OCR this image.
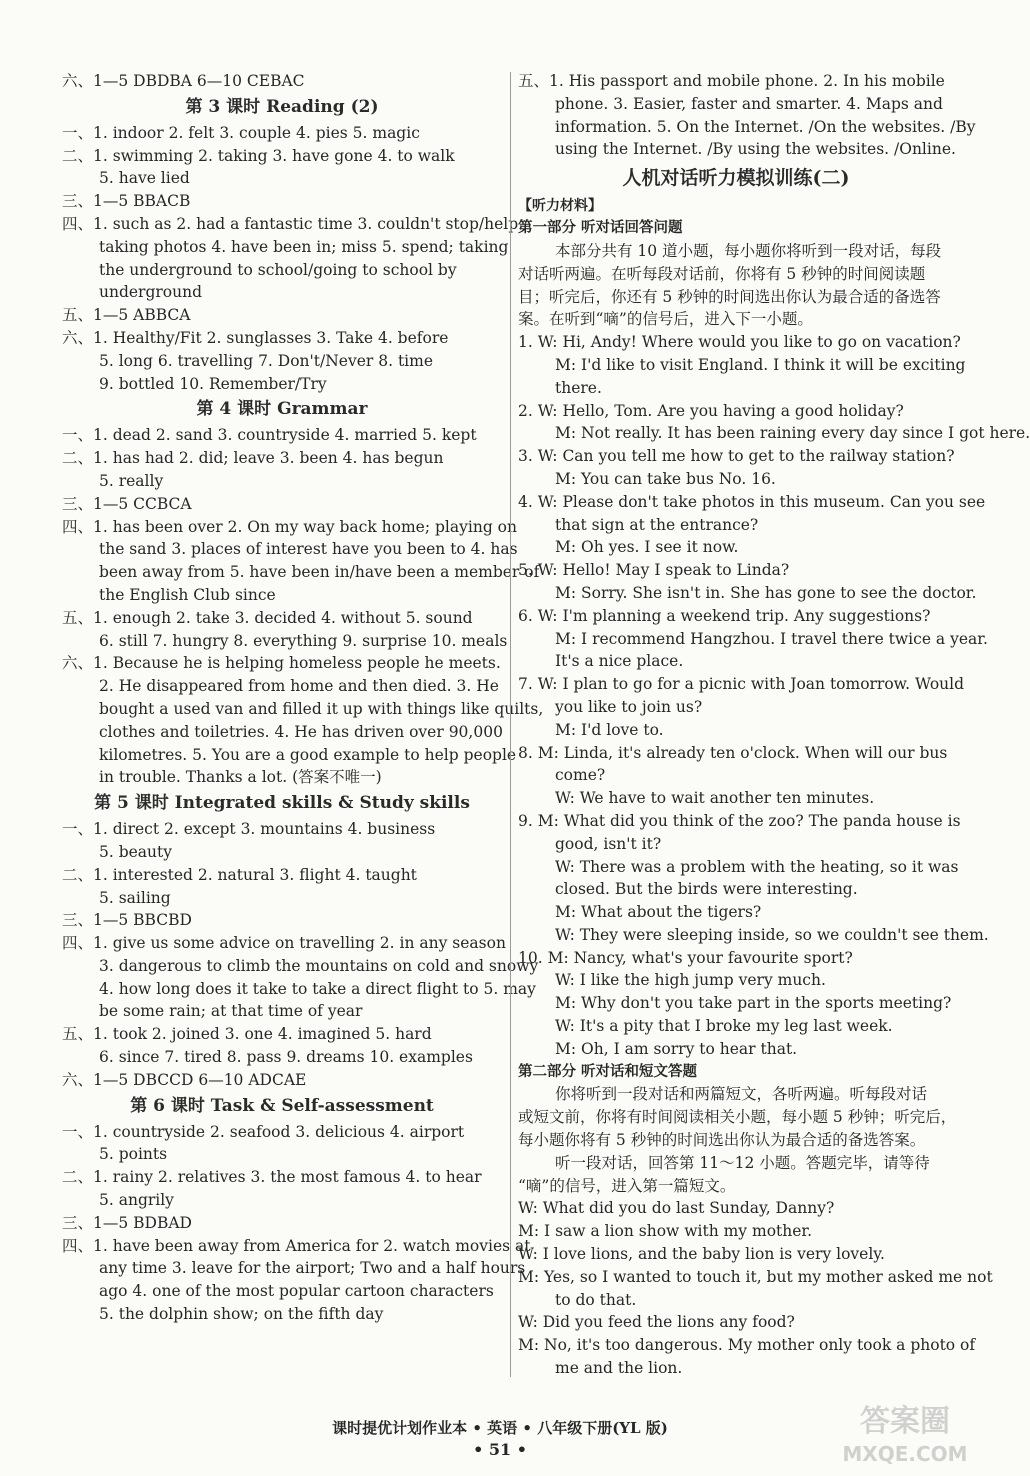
六、1—5 DBDBA 6—10 CEBAC
第 3 课时 Reading (2)
一、1. indoor 2. felt 3. couple 4. pies 5. magic
二、1. swimming 2. taking 3. have gone 4. to walk
5. have lied
三、1—5 BBACB
四、1. such as 2. had a fantastic time 3. couldn't stop/help
taking photos 4. have been in; miss 5. spend; taking
the underground to school/going to school by
underground
五、1—5 ABBCA
六、1. Healthy/Fit 2. sunglasses 3. Take 4. before
5. long 6. travelling 7. Don't/Never 8. time
9. bottled 10. Remember/Try
第 4 课时 Grammar
一、1. dead 2. sand 3. countryside 4. married 5. kept
二、1. has had 2. did; leave 3. been 4. has begun
5. really
三、1—5 CCBCA
四、1. has been over 2. On my way back home; playing on
the sand 3. places of interest have you been to 4. has
been away from 5. have been in/have been a member of
the English Club since
五、1. enough 2. take 3. decided 4. without 5. sound
6. still 7. hungry 8. everything 9. surprise 10. meals
六、1. Because he is helping homeless people he meets.
2. He disappeared from home and then died. 3. He
bought a used van and filled it up with things like quilts,
clothes and toiletries. 4. He has driven over 90,000
kilometres. 5. You are a good example to help people
in trouble. Thanks a lot. (答案不唯一)
第 5 课时 Integrated skills & Study skills
一、1. direct 2. except 3. mountains 4. business
5. beauty
二、1. interested 2. natural 3. flight 4. taught
5. sailing
三、1—5 BBCBD
四、1. give us some advice on travelling 2. in any season
3. dangerous to climb the mountains on cold and snowy
4. how long does it take to take a direct flight to 5. may
be some rain; at that time of year
五、1. took 2. joined 3. one 4. imagined 5. hard
6. since 7. tired 8. pass 9. dreams 10. examples
六、1—5 DBCCD 6—10 ADCAE
第 6 课时 Task & Self-assessment
一、1. countryside 2. seafood 3. delicious 4. airport
5. points
二、1. rainy 2. relatives 3. the most famous 4. to hear
5. angrily
三、1—5 BDBAD
四、1. have been away from America for 2. watch movies at
any time 3. leave for the airport; Two and a half hours
ago 4. one of the most popular cartoon characters
5. the dolphin show; on the fifth day
五、1. His passport and mobile phone. 2. In his mobile
phone. 3. Easier, faster and smarter. 4. Maps and
information. 5. On the Internet. /On the websites. /By
using the Internet. /By using the websites. /Online.
人机对话听力模拟训练(二)
【听力材料】
第一部分 听对话回答问题
本部分共有 10 道小题，每小题你将听到一段对话，每段
对话听两遍。在听每段对话前，你将有 5 秒钟的时间阅读题
目；听完后，你还有 5 秒钟的时间选出你认为最合适的备选答
案。在听到“嘀”的信号后，进入下一小题。
1. W: Hi, Andy! Where would you like to go on vacation?
M: I'd like to visit England. I think it will be exciting
there.
2. W: Hello, Tom. Are you having a good holiday?
M: Not really. It has been raining every day since I got here.
3. W: Can you tell me how to get to the railway station?
M: You can take bus No. 16.
4. W: Please don't take photos in this museum. Can you see
that sign at the entrance?
M: Oh yes. I see it now.
5. W: Hello! May I speak to Linda?
M: Sorry. She isn't in. She has gone to see the doctor.
6. W: I'm planning a weekend trip. Any suggestions?
M: I recommend Hangzhou. I travel there twice a year.
It's a nice place.
7. W: I plan to go for a picnic with Joan tomorrow. Would
you like to join us?
M: I'd love to.
8. M: Linda, it's already ten o'clock. When will our bus
come?
W: We have to wait another ten minutes.
9. M: What did you think of the zoo? The panda house is
good, isn't it?
W: There was a problem with the heating, so it was
closed. But the birds were interesting.
M: What about the tigers?
W: They were sleeping inside, so we couldn't see them.
10. M: Nancy, what's your favourite sport?
W: I like the high jump very much.
M: Why don't you take part in the sports meeting?
W: It's a pity that I broke my leg last week.
M: Oh, I am sorry to hear that.
第二部分 听对话和短文答题
你将听到一段对话和两篇短文，各听两遍。听每段对话
或短文前，你将有时间阅读相关小题，每小题 5 秒钟；听完后，
每小题你将有 5 秒钟的时间选出你认为最合适的备选答案。
听一段对话，回答第 11～12 小题。答题完毕，请等待
“嘀”的信号，进入第一篇短文。
W: What did you do last Sunday, Danny?
M: I saw a lion show with my mother.
W: I love lions, and the baby lion is very lovely.
M: Yes, so I wanted to touch it, but my mother asked me not
to do that.
W: Did you feed the lions any food?
M: No, it's too dangerous. My mother only took a photo of
me and the lion.
课时提优计划作业本 • 英语 • 八年级下册(YL 版)
• 51 •
答案圈
MXQE.COM
